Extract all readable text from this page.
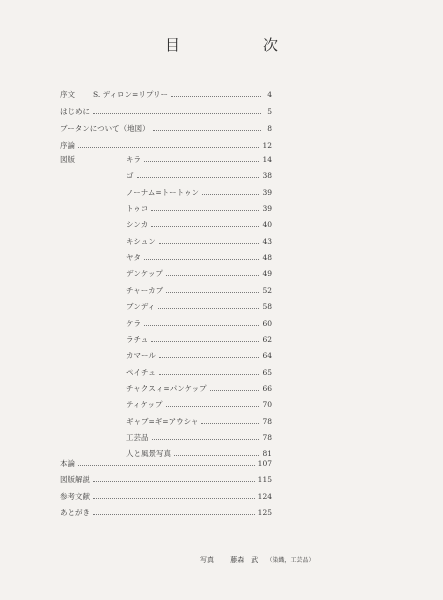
目　次
序文 S. ディロン=リプリー	4
はじめに	5
ブータンについて（地図）	8
序論	12
図版	キラ	14
ゴ	38
ノーナム=トートゥン	39
トゥコ	39
シンカ	40
キシュン	43
ヤタ	48
デンケップ	49
チャーカブ	52
ブンディ	58
ケラ	60
ラチュ	62
カマール	64
ペイチュ	65
チャクスィ=パンケップ	66
ティケップ	70
ギャブ=ギ=アウシャ	78
工芸品	78
人と風景写真	81
本論	107
図版解説	115
参考文献	124
あとがき	125
写真 藤森　武 （染織，工芸品）
